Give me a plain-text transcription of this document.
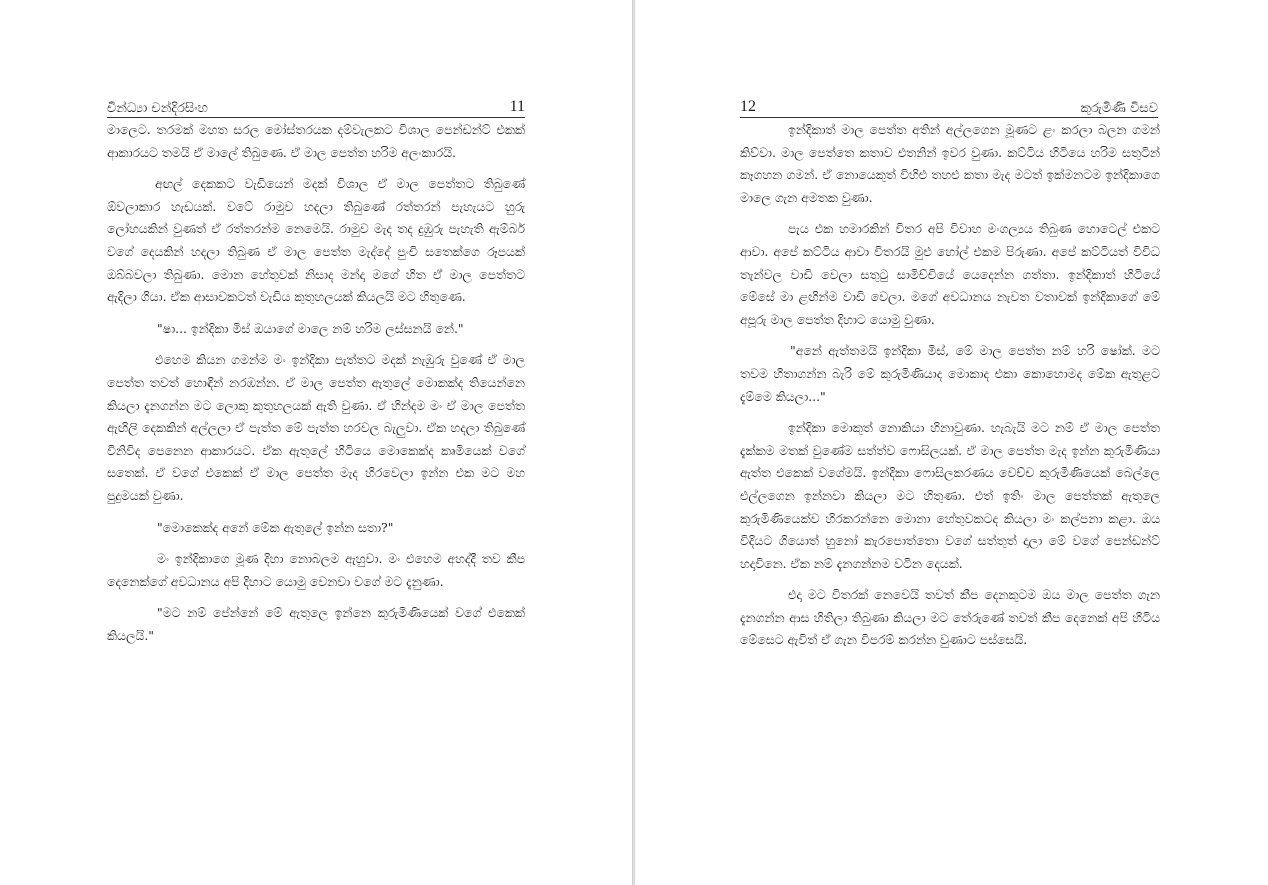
චින්ධ්‍යා චන්දිරසිංහ	11

මාලෙට. තරමක් මහත සරල මෝස්තරයක දම්වැලකට විශාල පෙන්ඩන්ට් එකක් ආකාරයට තමයි ඒ මාලේ තිබුණෙ. ඒ මාල පෙත්ත හරිම අලංකාරයි.

අඟල් දෙකකට වැඩියෙන් මදක් විශාල ඒ මාල පෙත්තට තිබුණේ ඕවලාකාර හැඩයක්. වටේ රාමුව හදලා තිබුණේ රත්තරන් පැහැයට හුරු ලෝහයකින් වුණත් ඒ රත්තරන්ම නෙමෙයි. රාමුව මැද තද දුඹුරු පැහැති ඇම්බර් වගේ දෙයකින් හදලා තිබුණ ඒ මාල පෙත්ත මැද්දේ පුංචි සතෙක්ගෙ රූපයක් ඔබ්බවලා තිබුණා. මොන හේතුවක් නිසාද මන්දා මගේ හිත ඒ මාල පෙත්තට ඇදිලා ගියා. ඒක ආසාවකටත් වැඩිය කුතුහලයක් කියලයි මට හිතුණෙ.

"ෂා... ඉන්දිකා මිස් ඔයාගේ මාලෙ නම් හරිම ලස්සනයි නේ."

එහෙම කියන ගමන්ම මං ඉන්දිකා පැත්තට මදක් නැඹුරු වුණේ ඒ මාල පෙත්ත තවත් හොඳින් නරඹන්න. ඒ මාල පෙත්ත ඇතුලේ මොකක්ද තියෙන්නෙ කියලා දැනගන්න මට ලොකු කුතුහලයක් ඇති වුණා. ඒ හින්දම මං ඒ මාල පෙත්ත ඇඟිලි දෙකකින් අල්ලලා ඒ පැත්ත මේ පැත්ත හරවල බැලුවා. ඒක හදලා තිබුණේ විනිවිද පෙනෙන ආකාරයට. ඒක ඇතුලේ හිටියෙ මොකෙක්ද කෘමියෙක් වගේ සතෙක්. ඒ වගේ එකෙක් ඒ මාල පෙත්ත මැද හිරවෙලා ඉන්න එක මට මහ පුදුමයක් වුණා.

"මොකෙක්ද අනේ මේක ඇතුලේ ඉන්න සතා?"

මං ඉන්දිකාගෙ මූණ දිහා නොබලම ඇහුවා. මං එහෙම අහද්දී තව කීප දෙනෙක්ගේ අවධානය අපි දිහාට යොමු වෙනවා වගේ මට දැනුණා.

"මට නම් පේන්නේ මේ ඇතුලෙ ඉන්නෙ කුරුමිණියෙක් වගේ එකෙක් කියලයි."

12	කුරුමිණි විසව

ඉන්දිකාත් මාල පෙත්ත අතින් අල්ලගෙන මූණට ළං කරලා බලන ගමන් කිව්වා. මාල පෙත්තෙ කතාව එතනින් ඉවර වුණා. කට්ටිය හිටියෙ හරිම සතුටින් කෑගහන ගමන්. ඒ නොයෙකුත් විහිළු තහළු කතා මැද මටත් ඉක්මනටම ඉන්දිකාගෙ මාලෙ ගැන අමතක වුණා.

පැය එක හමාරකින් විතර අපි විවාහ මංගල්‍යය තිබුණ හොටෙල් එකට ආවා. අපේ කට්ටිය ආවා විතරයි මුළු හෝල් එකම පිරුණා. අපේ කට්ටියත් විවිධ තැන්වල වාඩි වෙලා සතුටු සාමිච්චියේ යෙදෙන්න ගත්තා. ඉන්දිකාත් හිටියේ මේසේ මා ළඟින්ම වාඩි වෙලා. මගේ අවධානය නැවත වතාවක් ඉන්දිකාගේ මේ අපූරු මාල පෙත්ත දිහාට යොමු වුණා.

"අනේ ඇත්තමයි ඉන්දිකා මිස්, මේ මාල පෙත්ත නම් හරි ෂෝක්. මට තවම හිතාගන්න බැරි මේ කුරුමිණියාද මොකාද එකා කොහොමද මේක ඇතුළට දැම්මෙ කියලා..."

ඉන්දිකා මොකුත් නොකියා හිනාවුණා. හැබැයි මට නම් ඒ මාල පෙත්ත දැක්කම මතක් වුණේම සත්ත්ව ෆොසිලයක්. ඒ මාල පෙත්ත මැද ඉන්න කුරුමිණියා ඇත්ත එකෙක් වගේමයි. ඉන්දිකා ෆොසිලකරණය වෙච්ච කුරුමිණියෙක් බෙල්ලෙ එල්ලගෙන ඉන්නවා කියලා මට හිතුණා. එත් ඉතිං මාල පෙත්තක් ඇතුලෙ කුරුමිණියෙක්ව හිරකරන්නෙ මොනා හේතුවකටද කියලා මං කල්පනා කළා. ඔය විදියට ගියොත් හුනෝ කැරපොත්තො වගේ සත්තුත් දාලා මේ වගේ පෙන්ඩන්ට් හදාවිනෙ. ඒක නම් දැනගන්නම වටින දෙයක්.

එදා මට විතරක් නෙවෙයි තවත් කීප දෙනකුටම ඔය මාල පෙත්ත ගැන දැනගන්න ආස හිතිලා තිබුණා කියලා මට තේරුණේ තවත් කීප දෙනෙක් අපි හිටිය මේසෙට ඇවිත් ඒ ගැන විපරම් කරන්න වුණාට පස්සෙයි.
